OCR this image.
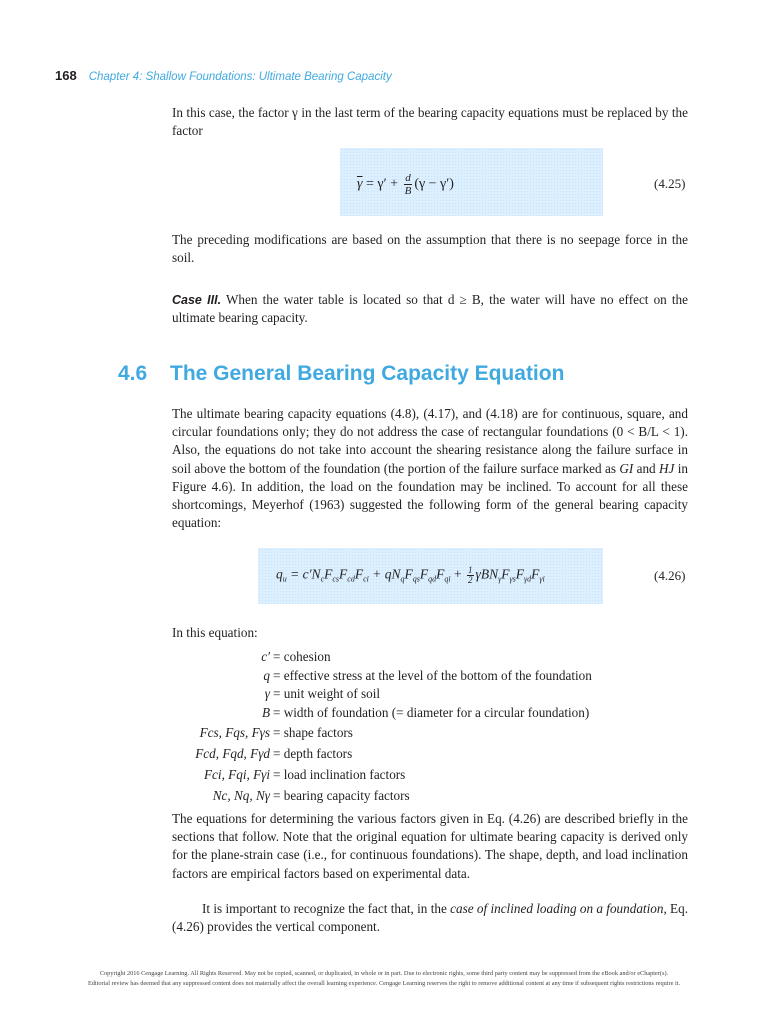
168 Chapter 4: Shallow Foundations: Ultimate Bearing Capacity

In this case, the factor γ in the last term of the bearing capacity equations must be replaced by the factor

$\overline{\gamma} = \gamma' + \frac{d}{B} (\gamma - \gamma')$	(4.25)

The preceding modifications are based on the assumption that there is no seepage force in the soil.

Case III. When the water table is located so that d ≥ B, the water will have no effect on the ultimate bearing capacity.

4.6 The General Bearing Capacity Equation

The ultimate bearing capacity equations (4.8), (4.17), and (4.18) are for continuous, square, and circular foundations only; they do not address the case of rectangular foundations (0 < B/L < 1). Also, the equations do not take into account the shearing resistance along the failure surface in soil above the bottom of the foundation (the portion of the failure surface marked as GI and HJ in Figure 4.6). In addition, the load on the foundation may be inclined. To account for all these shortcomings, Meyerhof (1963) suggested the following form of the general bearing capacity equation:

$q_u = c'N_cF_{cs}F_{cd}F_{ci} + qN_qF_{qs}F_{qd}F_{qi} + \frac{1}{2} \gamma BN_\gamma F_{\gamma s}F_{\gamma d}F_{\gamma i}$	(4.26)

In this equation:

c′ = cohesion
q = effective stress at the level of the bottom of the foundation
γ = unit weight of soil
B = width of foundation (= diameter for a circular foundation)
Fcs, Fqs, Fγs = shape factors
Fcd, Fqd, Fγd = depth factors
Fci, Fqi, Fγi = load inclination factors
Nc, Nq, Nγ = bearing capacity factors

The equations for determining the various factors given in Eq. (4.26) are described briefly in the sections that follow. Note that the original equation for ultimate bearing capacity is derived only for the plane-strain case (i.e., for continuous foundations). The shape, depth, and load inclination factors are empirical factors based on experimental data.

It is important to recognize the fact that, in the case of inclined loading on a foundation, Eq. (4.26) provides the vertical component.

Copyright 2016 Cengage Learning. All Rights Reserved. May not be copied, scanned, or duplicated, in whole or in part. Due to electronic rights, some third party content may be suppressed from the eBook and/or eChapter(s).
Editorial review has deemed that any suppressed content does not materially affect the overall learning experience. Cengage Learning reserves the right to remove additional content at any time if subsequent rights restrictions require it.
